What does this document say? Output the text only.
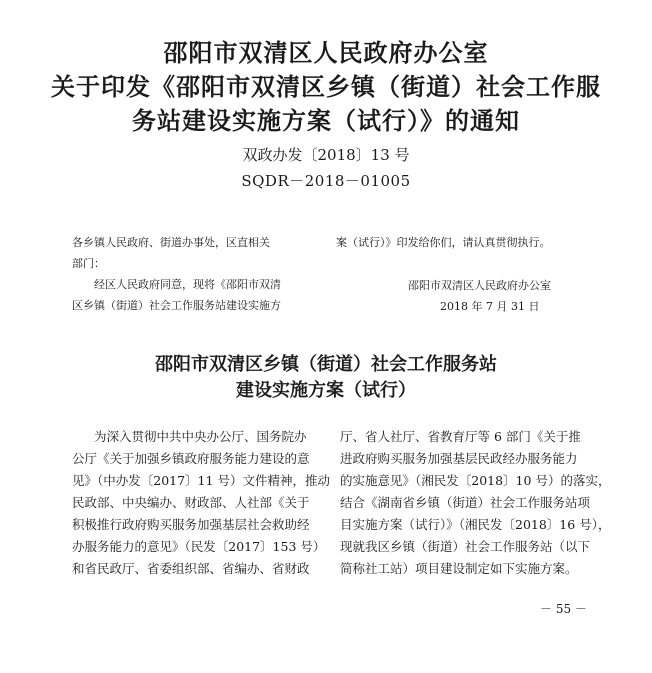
邵阳市双清区人民政府办公室
关于印发《邵阳市双清区乡镇（街道）社会工作服
务站建设实施方案（试行）》的通知
双政办发〔2018〕13 号
SQDR－2018－01005
各乡镇人民政府、街道办事处，区直相关
部门：
经区人民政府同意，现将《邵阳市双清
区乡镇（街道）社会工作服务站建设实施方
案（试行）》印发给你们，请认真贯彻执行。
邵阳市双清区人民政府办公室
2018 年 7 月 31 日
邵阳市双清区乡镇（街道）社会工作服务站
建设实施方案（试行）
为深入贯彻中共中央办公厅、国务院办
公厅《关于加强乡镇政府服务能力建设的意
见》（中办发〔2017〕11 号）文件精神，推动
民政部、中央编办、财政部、人社部《关于
积极推行政府购买服务加强基层社会救助经
办服务能力的意见》（民发〔2017〕153 号）
和省民政厅、省委组织部、省编办、省财政
厅、省人社厅、省教育厅等 6 部门《关于推
进政府购买服务加强基层民政经办服务能力
的实施意见》（湘民发〔2018〕10 号）的落实，
结合《湖南省乡镇（街道）社会工作服务站项
目实施方案（试行）》（湘民发〔2018〕16 号），
现就我区乡镇（街道）社会工作服务站（以下
简称社工站）项目建设制定如下实施方案。
－ 55 －
